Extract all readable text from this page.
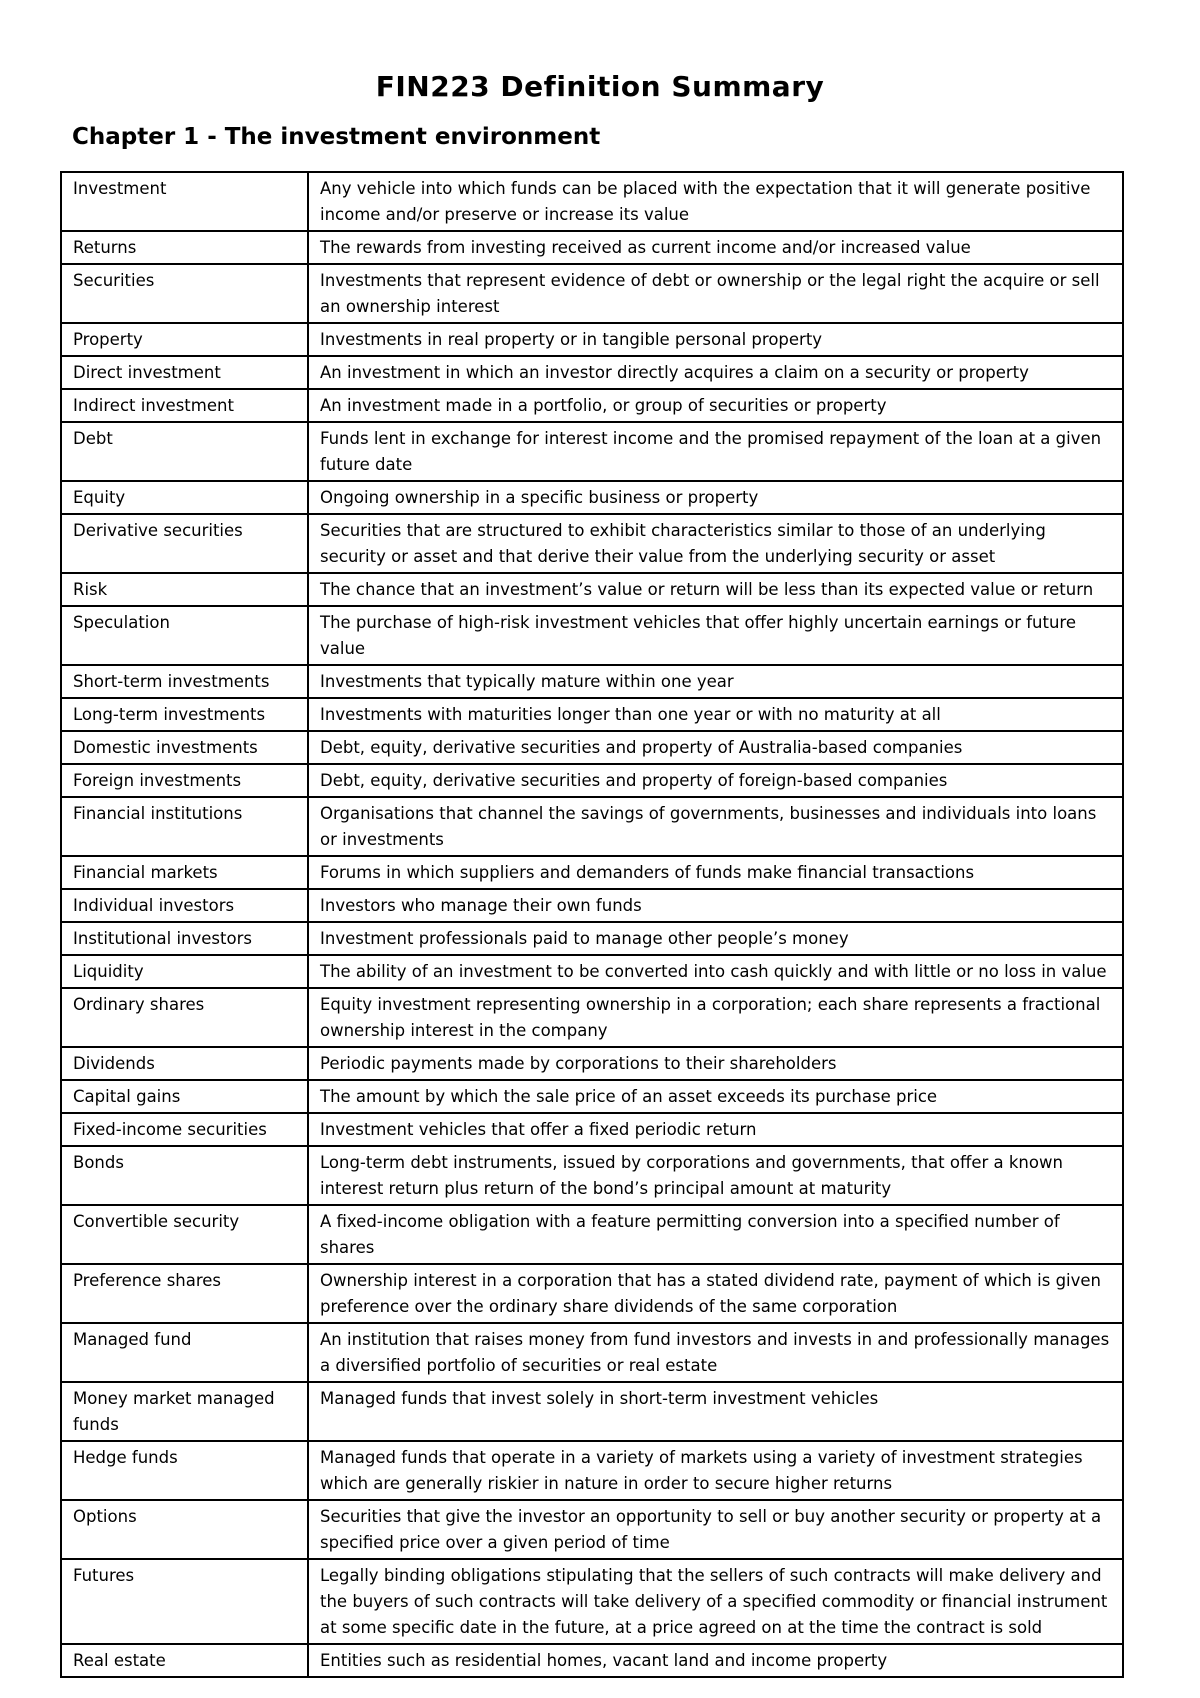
FIN223 Definition Summary
Chapter 1 - The investment environment
Investment	Any vehicle into which funds can be placed with the expectation that it will generate positive income and/or preserve or increase its value
Returns	The rewards from investing received as current income and/or increased value
Securities	Investments that represent evidence of debt or ownership or the legal right the acquire or sell an ownership interest
Property	Investments in real property or in tangible personal property
Direct investment	An investment in which an investor directly acquires a claim on a security or property
Indirect investment	An investment made in a portfolio, or group of securities or property
Debt	Funds lent in exchange for interest income and the promised repayment of the loan at a given future date
Equity	Ongoing ownership in a specific business or property
Derivative securities	Securities that are structured to exhibit characteristics similar to those of an underlying security or asset and that derive their value from the underlying security or asset
Risk	The chance that an investment’s value or return will be less than its expected value or return
Speculation	The purchase of high-risk investment vehicles that offer highly uncertain earnings or future value
Short-term investments	Investments that typically mature within one year
Long-term investments	Investments with maturities longer than one year or with no maturity at all
Domestic investments	Debt, equity, derivative securities and property of Australia-based companies
Foreign investments	Debt, equity, derivative securities and property of foreign-based companies
Financial institutions	Organisations that channel the savings of governments, businesses and individuals into loans or investments
Financial markets	Forums in which suppliers and demanders of funds make financial transactions
Individual investors	Investors who manage their own funds
Institutional investors	Investment professionals paid to manage other people’s money
Liquidity	The ability of an investment to be converted into cash quickly and with little or no loss in value
Ordinary shares	Equity investment representing ownership in a corporation; each share represents a fractional ownership interest in the company
Dividends	Periodic payments made by corporations to their shareholders
Capital gains	The amount by which the sale price of an asset exceeds its purchase price
Fixed-income securities	Investment vehicles that offer a fixed periodic return
Bonds	Long-term debt instruments, issued by corporations and governments, that offer a known interest return plus return of the bond’s principal amount at maturity
Convertible security	A fixed-income obligation with a feature permitting conversion into a specified number of shares
Preference shares	Ownership interest in a corporation that has a stated dividend rate, payment of which is given preference over the ordinary share dividends of the same corporation
Managed fund	An institution that raises money from fund investors and invests in and professionally manages a diversified portfolio of securities or real estate
Money market managed funds	Managed funds that invest solely in short-term investment vehicles
Hedge funds	Managed funds that operate in a variety of markets using a variety of investment strategies which are generally riskier in nature in order to secure higher returns
Options	Securities that give the investor an opportunity to sell or buy another security or property at a specified price over a given period of time
Futures	Legally binding obligations stipulating that the sellers of such contracts will make delivery and the buyers of such contracts will take delivery of a specified commodity or financial instrument at some specific date in the future, at a price agreed on at the time the contract is sold
Real estate	Entities such as residential homes, vacant land and income property
